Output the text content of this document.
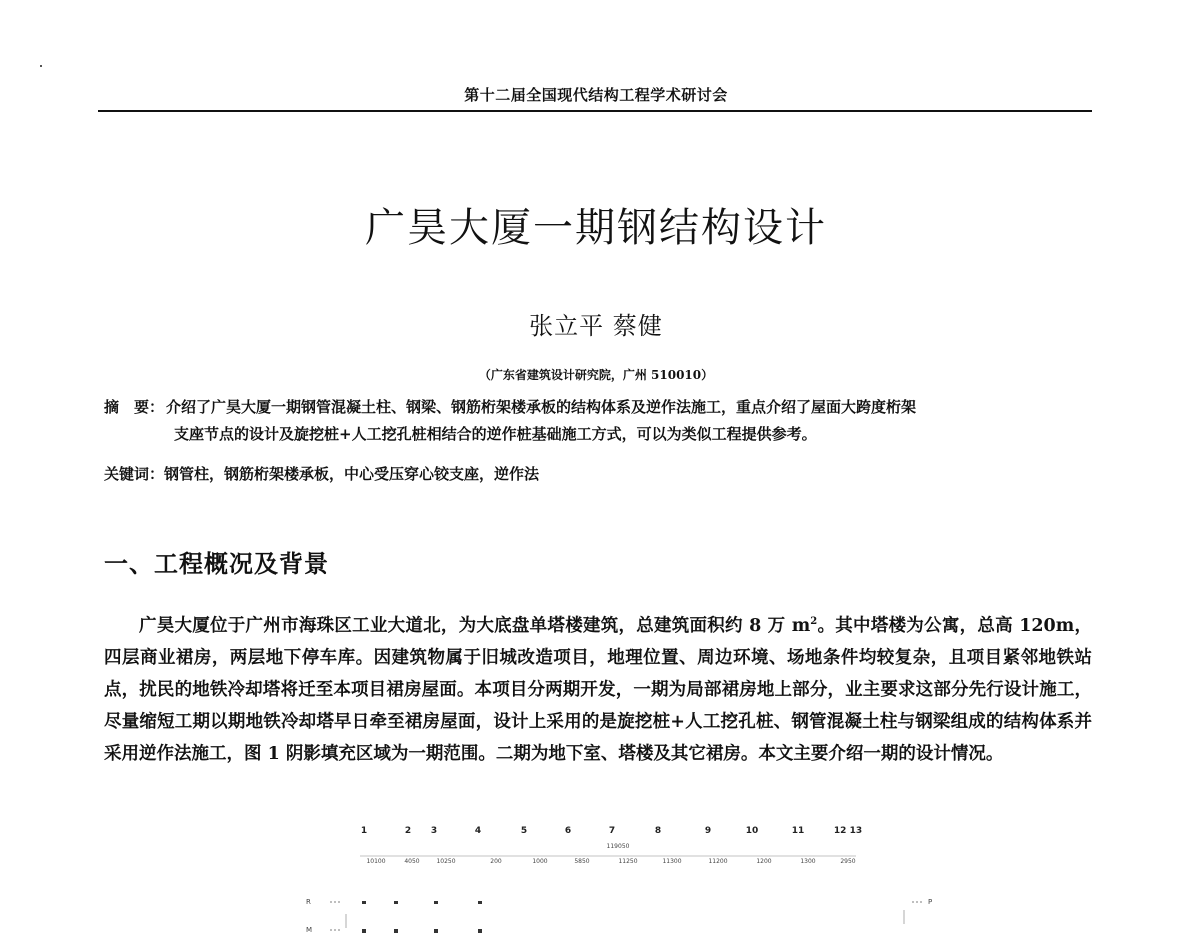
第十二届全国现代结构工程学术研讨会
广昊大厦一期钢结构设计
张立平 蔡健
（广东省建筑设计研究院，广州 510010）
摘　要： 介绍了广昊大厦一期钢管混凝土柱、钢梁、钢筋桁架楼承板的结构体系及逆作法施工，重点介绍了屋面大跨度桁架
支座节点的设计及旋挖桩+人工挖孔桩相结合的逆作桩基础施工方式，可以为类似工程提供参考。
关键词：钢管柱，钢筋桁架楼承板，中心受压穿心铰支座，逆作法
一、工程概况及背景
广昊大厦位于广州市海珠区工业大道北，为大底盘单塔楼建筑，总建筑面积约 8 万 $m^2$。其中塔楼为公寓，总高 120m，四层商业裙房，两层地下停车库。因建筑物属于旧城改造项目，地理位置、周边环境、场地条件均较复杂，且项目紧邻地铁站点，扰民的地铁冷却塔将迁至本项目裙房屋面。本项目分两期开发，一期为局部裙房地上部分，业主要求这部分先行设计施工，尽量缩短工期以期地铁冷却塔早日牵至裙房屋面，设计上采用的是旋挖桩+人工挖孔桩、钢管混凝土柱与钢梁组成的结构体系并采用逆作法施工，图 1 阴影填充区域为一期范围。二期为地下室、塔楼及其它裙房。本文主要介绍一期的设计情况。
1	2 3	4	5	6	7	8	9	10	11	12 13
119050
10100	4050	10250	200	1000	5850	11250	11300	11200	1200	1300	2950
R
M
P
